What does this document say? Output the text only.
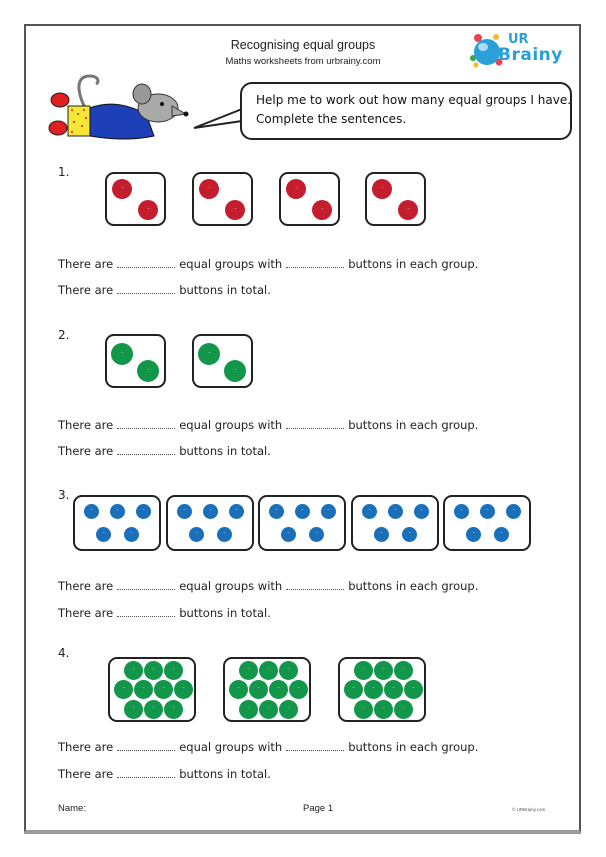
Recognising equal groups
Maths worksheets from urbrainy.com
UR
Brainy
Help me to work out how many equal groups I have.
Complete the sentences.
1.
··
··
··
··
··
··
··
··
There are	equal groups with	buttons in each group.
There are	buttons in total.
2.
··
··
··
··
There are	equal groups with	buttons in each group.
There are	buttons in total.
3.
··
··
··
··
··
··
··
··
··
··
··
··
··
··
··
··
··
··
··
··
··
··
··
··
··
There are	equal groups with	buttons in each group.
There are	buttons in total.
4.
··
··
··
··
··
··
··
··
··
··
··
··
··
··
··
··
··
··
··
··
··
··
··
··
··
··
··
··
··
··
There are	equal groups with	buttons in each group.
There are	buttons in total.
Name:	Page 1	© URBrainy.com
